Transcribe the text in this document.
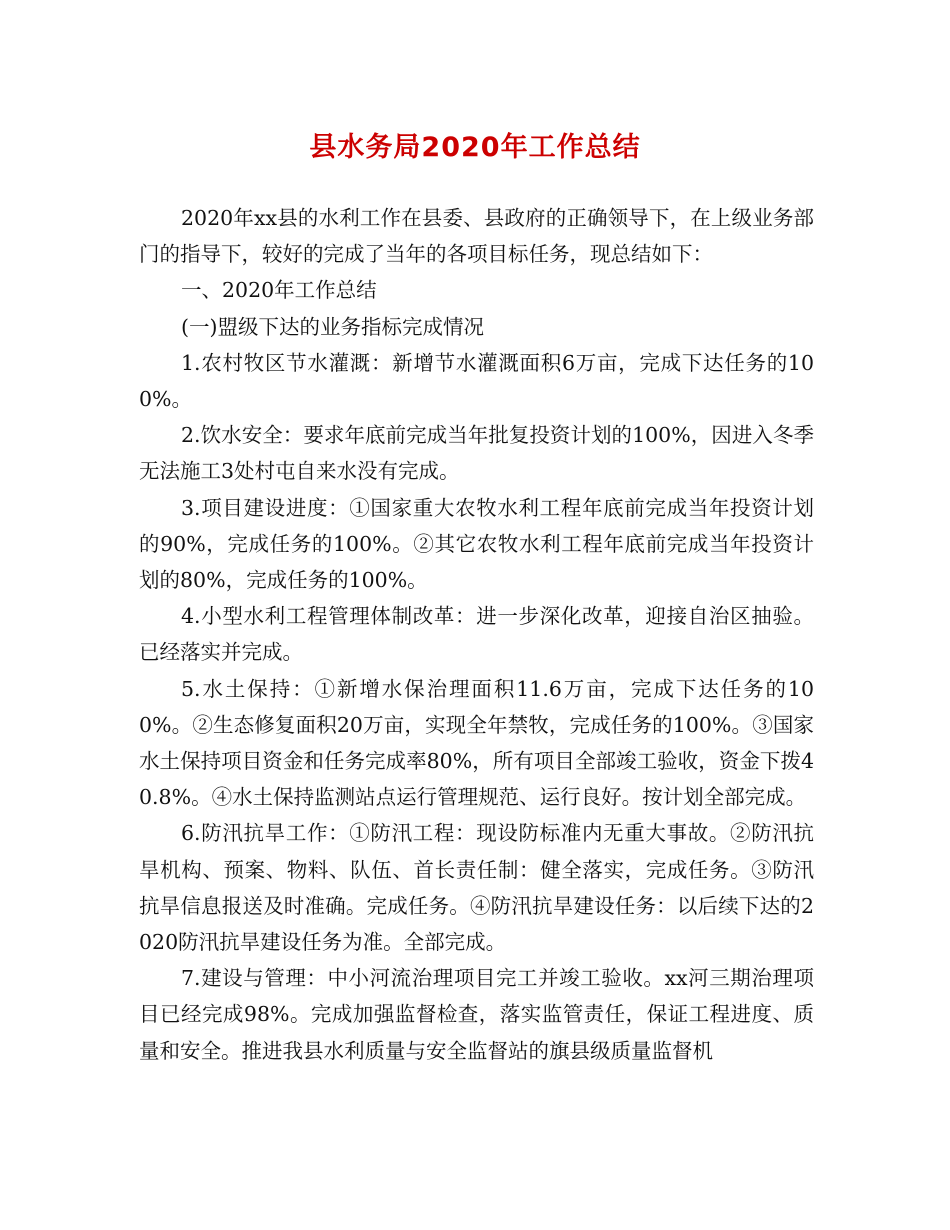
县水务局2020年工作总结

2020年xx县的水利工作在县委、县政府的正确领导下，在上级业务部门的指导下，较好的完成了当年的各项目标任务，现总结如下：

一、2020年工作总结

(一)盟级下达的业务指标完成情况

1.农村牧区节水灌溉：新增节水灌溉面积6万亩，完成下达任务的100%。

2.饮水安全：要求年底前完成当年批复投资计划的100%，因进入冬季无法施工3处村屯自来水没有完成。

3.项目建设进度：①国家重大农牧水利工程年底前完成当年投资计划的90%，完成任务的100%。②其它农牧水利工程年底前完成当年投资计划的80%，完成任务的100%。

4.小型水利工程管理体制改革：进一步深化改革，迎接自治区抽验。已经落实并完成。

5.水土保持：①新增水保治理面积11.6万亩，完成下达任务的100%。②生态修复面积20万亩，实现全年禁牧，完成任务的100%。③国家水土保持项目资金和任务完成率80%，所有项目全部竣工验收，资金下拨40.8%。④水土保持监测站点运行管理规范、运行良好。按计划全部完成。

6.防汛抗旱工作：①防汛工程：现设防标准内无重大事故。②防汛抗旱机构、预案、物料、队伍、首长责任制：健全落实，完成任务。③防汛抗旱信息报送及时准确。完成任务。④防汛抗旱建设任务：以后续下达的2020防汛抗旱建设任务为准。全部完成。

7.建设与管理：中小河流治理项目完工并竣工验收。xx河三期治理项目已经完成98%。完成加强监督检查，落实监管责任，保证工程进度、质量和安全。推进我县水利质量与安全监督站的旗县级质量监督机
